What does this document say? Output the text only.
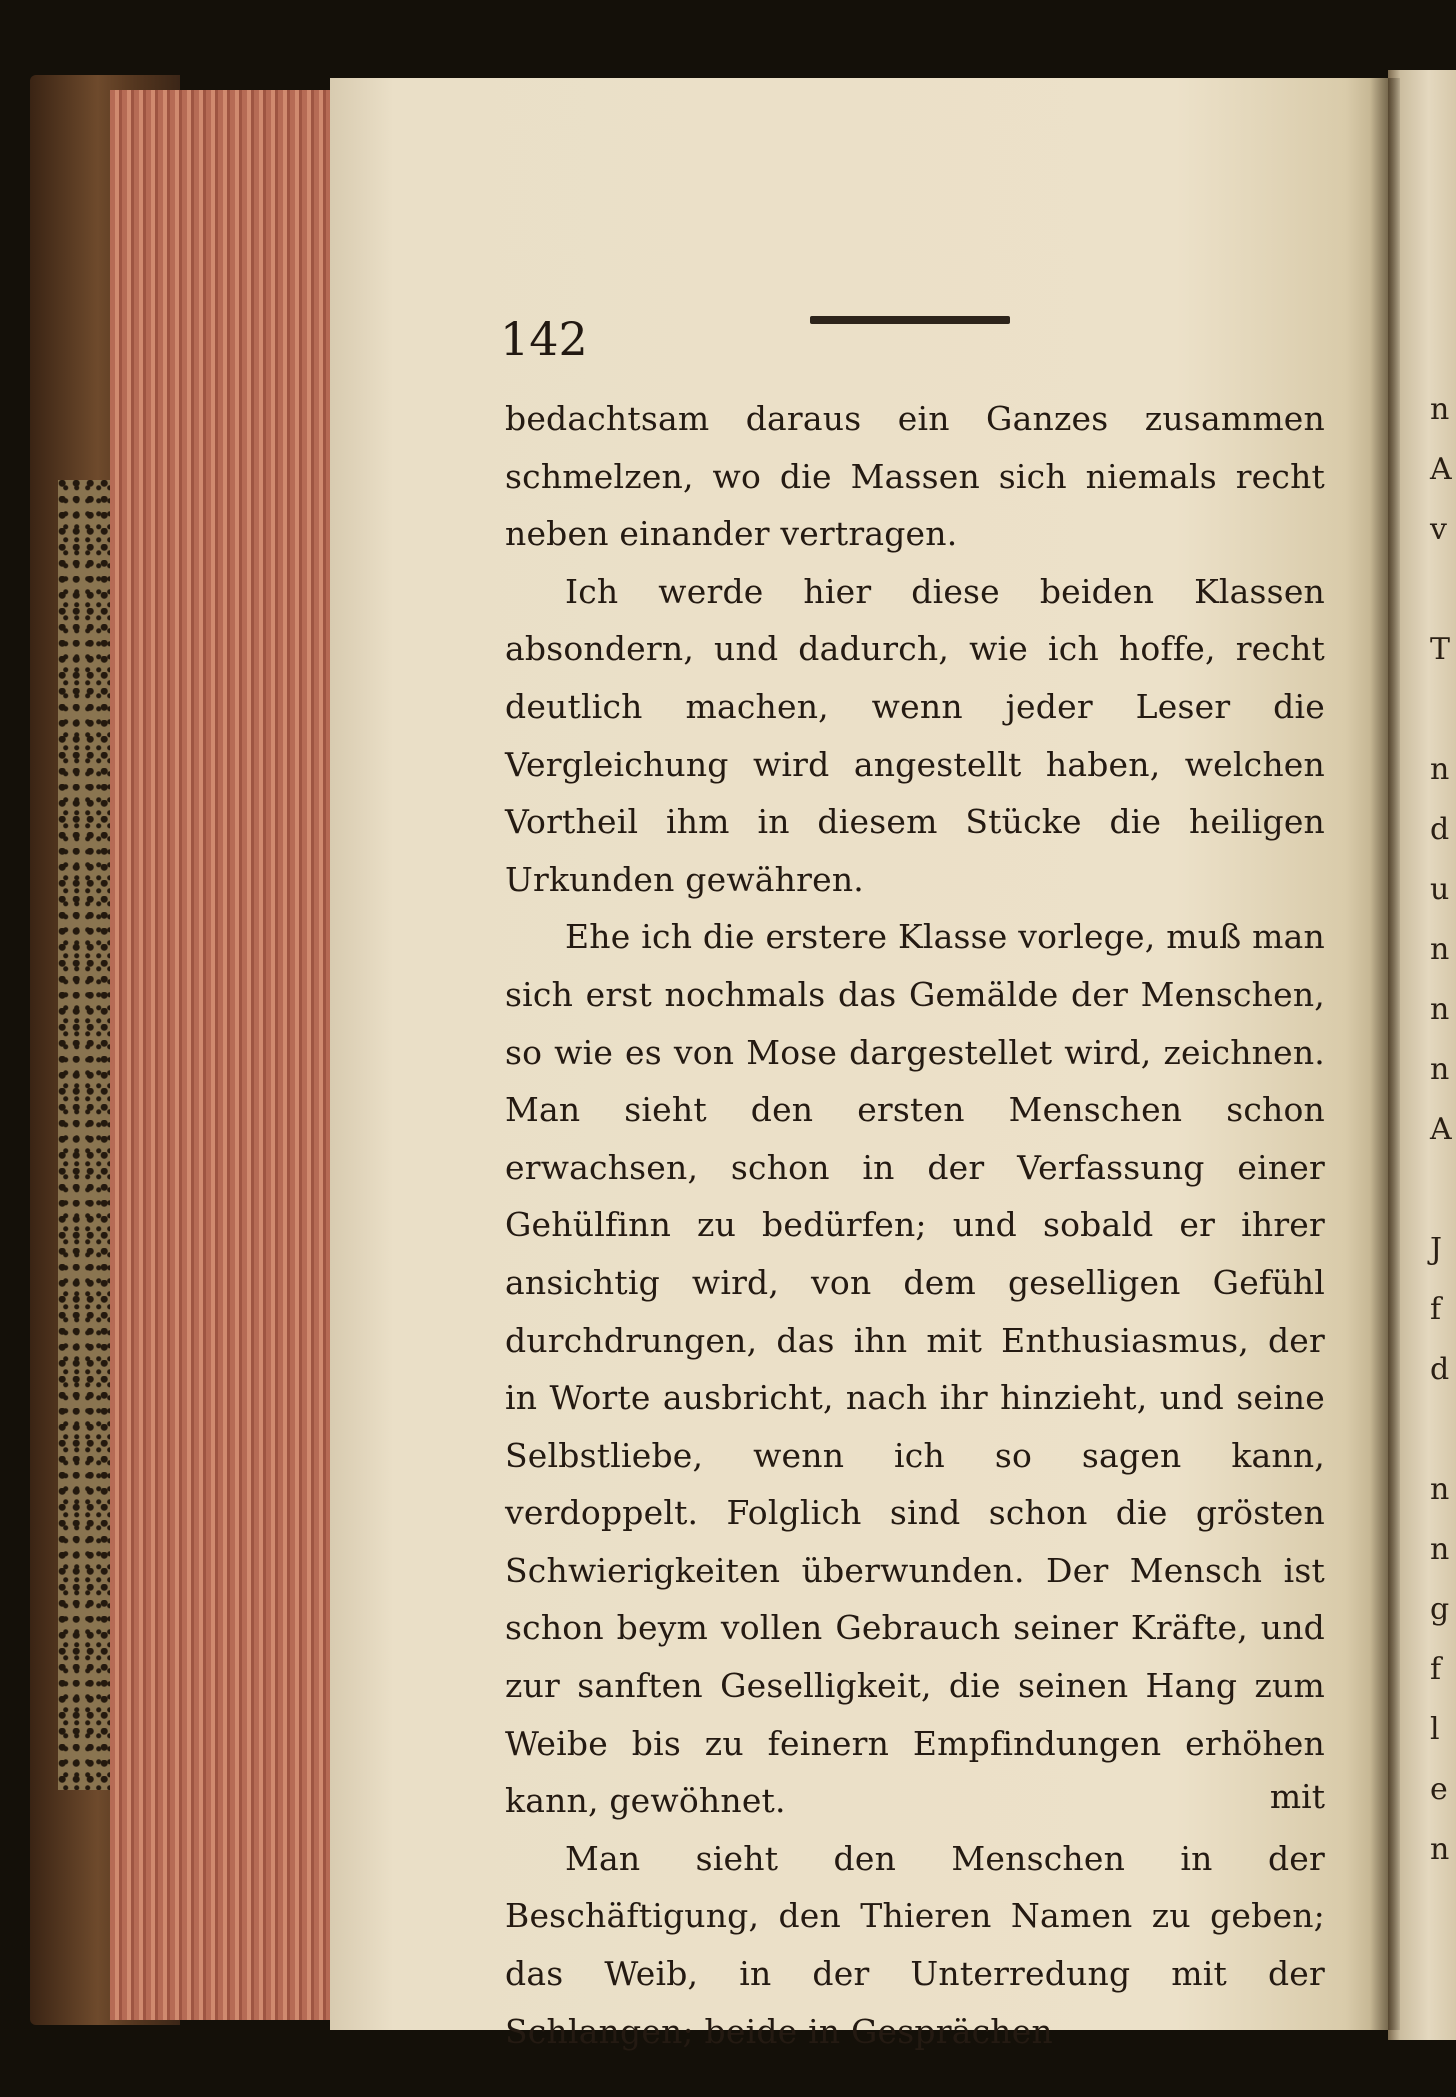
n
A
v

T

n
d
u
n
n
n
A

J
f
d

n
n
g
f
l
e
n
142

bedachtsam daraus ein Ganzes zusammen schmelzen, wo die Massen sich niemals recht neben einander vertragen.

Ich werde hier diese beiden Klassen absondern, und dadurch, wie ich hoffe, recht deutlich machen, wenn jeder Leser die Vergleichung wird angestellt haben, welchen Vortheil ihm in diesem Stücke die heiligen Urkunden gewähren.

Ehe ich die erstere Klasse vorlege, muß man sich erst nochmals das Gemälde der Menschen, so wie es von Mose dargestellet wird, zeichnen. Man sieht den ersten Menschen schon erwachsen, schon in der Verfassung einer Gehülfinn zu bedürfen; und sobald er ihrer ansichtig wird, von dem geselligen Gefühl durchdrungen, das ihn mit Enthusiasmus, der in Worte ausbricht, nach ihr hinzieht, und seine Selbstliebe, wenn ich so sagen kann, verdoppelt. Folglich sind schon die grösten Schwierigkeiten überwunden. Der Mensch ist schon beym vollen Gebrauch seiner Kräfte, und zur sanften Geselligkeit, die seinen Hang zum Weibe bis zu feinern Empfindungen erhöhen kann, gewöhnet.

Man sieht den Menschen in der Beschäftigung, den Thieren Namen zu geben; das Weib, in der Unterredung mit der Schlangen; beide in Gesprächen

mit
